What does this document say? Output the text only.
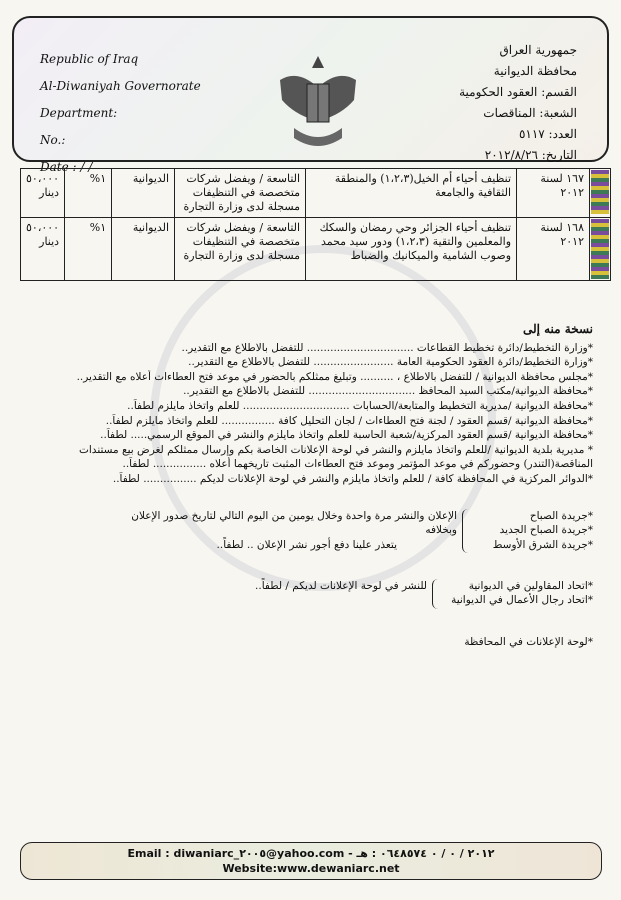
Republic of Iraq
Al-Diwaniyah Governorate
Department:
No.:
Date : / /
جمهورية العراق
محافظة الديوانية
القسم: العقود الحكومية
الشعبة: المناقصات
العدد: ٥١١٧
التاريخ: ٢٠١٢/٨/٢٦
	١٦٧ لسنة ٢٠١٢	تنظيف أحياء أم الخيل(١،٢،٣) والمنطقة الثقافية والجامعة	التاسعة / ويفضل شركات متخصصة في التنظيفات مسجلة لدى وزارة التجارة	الديوانية	١%	٥٠،٠٠٠ دينار

	١٦٨ لسنة ٢٠١٢	تنظيف أحياء الجزائر وحي رمضان والسكك والمعلمين والتقية (١،٢،٣) ودور سيد محمد وصوب الشامية والميكانيك والضباط	التاسعة / ويفضل شركات متخصصة في التنظيفات مسجلة لدى وزارة التجارة	الديوانية	١%	٥٠،٠٠٠ دينار
نسخة منه إلى
*وزارة التخطيط/دائرة تخطيط القطاعات ................................ للتفضل بالاطلاع مع التقدير..
*وزارة التخطيط/دائرة العقود الحكومية العامة ........................ للتفضل بالاطلاع مع التقدير..
*مجلس محافظة الديوانية / للتفضل بالاطلاع ، .......... وتبليغ ممثلكم بالحضور في موعد فتح العطاءات أعلاه مع التقدير..
*محافظة الديوانية/مكتب السيد المحافظ ................................ للتفضل بالاطلاع مع التقدير..
*محافظة الديوانية /مديرية التخطيط والمتابعة/الحسابات ................................ للعلم واتخاذ مايلزم لطفاً..
*محافظة الديوانية /قسم العقود / لجنة فتح العطاءات / لجان التحليل كافة ................ للعلم واتخاذ مايلزم لطفاً..
*محافظة الديوانية /قسم العقود المركزية/شعبة الحاسبة للعلم واتخاذ مايلزم والنشر في الموقع الرسمي..... لطفاً..
* مديرية بلدية الديوانية /للعلم واتخاذ مايلزم والنشر في لوحة الإعلانات الخاصة بكم وإرسال ممثلكم لغرض بيع مستندات
المناقصة(التندر) وحضوركم في موعد المؤتمر وموعد فتح العطاءات المثبت تاريخهما أعلاه ................ لطفاً..
*الدوائر المركزية في المحافظة كافة / للعلم واتخاذ مايلزم والنشر في لوحة الإعلانات لديكم ................ لطفاً..
*جريدة الصباح
*جريدة الصباح الجديد
*جريدة الشرق الأوسط
الإعلان والنشر مرة واحدة وخلال يومين من اليوم التالي لتاريخ صدور الإعلان وبخلافه
يتعذر علينا دفع أجور نشر الإعلان .. لطفاً..
*اتحاد المقاولين في الديوانية
*اتحاد رجال الأعمال في الديوانية
للنشر في لوحة الإعلانات لديكم / لطفاً..
*لوحة الإعلانات في المحافظة
Email : diwaniarc_٢٠٠٥@yahoo.com - ٢٠١٢ / ٠ / ٠ ٠٦٤٨٥٧٤ : هـ
Website:www.dewaniarc.net
